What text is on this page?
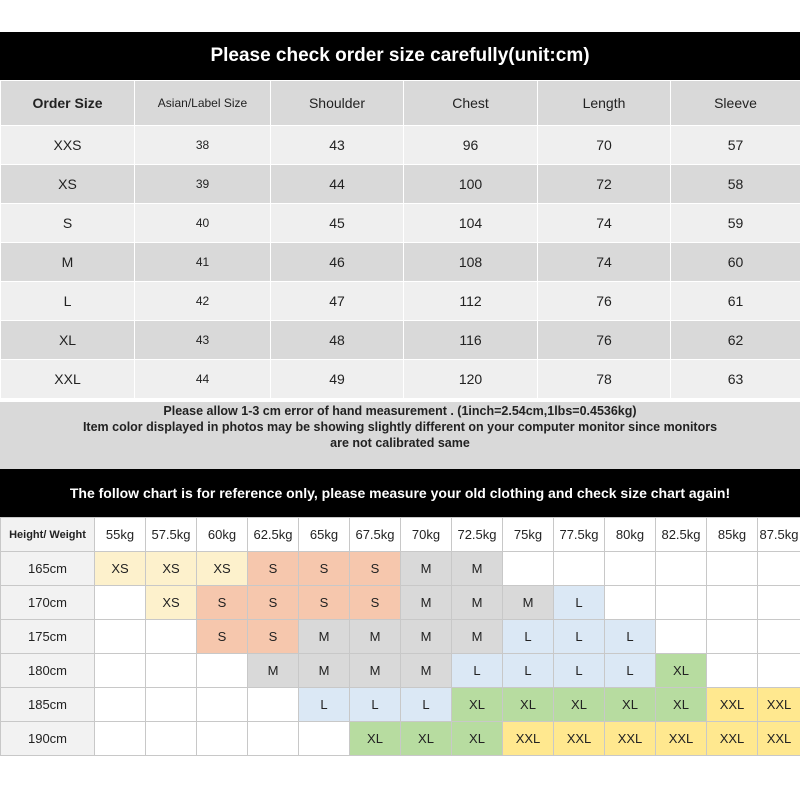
Please check order size carefully(unit:cm)
Order Size	Asian/Label Size	Shoulder	Chest	Length	Sleeve
XXS	38	43	96	70	57
XS	39	44	100	72	58
S	40	45	104	74	59
M	41	46	108	74	60
L	42	47	112	76	61
XL	43	48	116	76	62
XXL	44	49	120	78	63
Please allow 1-3 cm error of hand measurement . (1inch=2.54cm,1lbs=0.4536kg)
Item color displayed in photos may be showing slightly different on your computer monitor since monitors
are not calibrated same
The follow chart is for reference only, please measure your old clothing and check size chart again!
Height/ Weight	55kg	57.5kg	60kg	62.5kg	65kg	67.5kg	70kg	72.5kg	75kg	77.5kg	80kg	82.5kg	85kg	87.5kg
165cm	XS	XS	XS	S	S	S	M	M						
170cm		XS	S	S	S	S	M	M	M	L				
175cm			S	S	M	M	M	M	L	L	L			
180cm				M	M	M	M	L	L	L	L	XL		
185cm					L	L	L	XL	XL	XL	XL	XL	XXL	XXL
190cm						XL	XL	XL	XXL	XXL	XXL	XXL	XXL	XXL
